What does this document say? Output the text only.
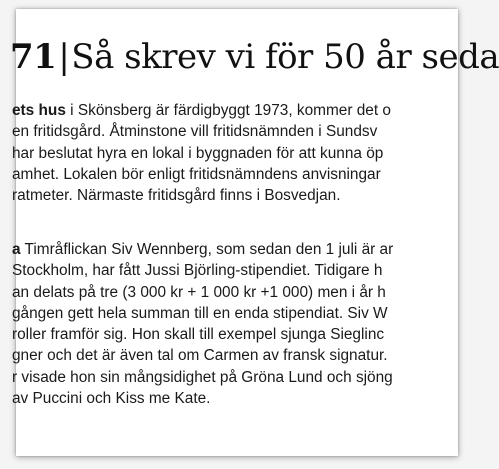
71|Så skrev vi för 50 år seda
ets hus i Skönsberg är färdigbyggt 1973, kommer det o
en fritidsgård. Åtminstone vill fritidsnämnden i Sundsv
har beslutat hyra en lokal i byggnaden för att kunna öp
amhet. Lokalen bör enligt fritidsnämndens anvisningar
ratmeter. Närmaste fritidsgård finns i Bosvedjan.
a Timråflickan Siv Wennberg, som sedan den 1 juli är ar
Stockholm, har fått Jussi Björling-stipendiet. Tidigare h
an delats på tre (3 000 kr + 1 000 kr +1 000) men i år h
gången gett hela summan till en enda stipendiat. Siv W
roller framför sig. Hon skall till exempel sjunga Sieglinc
gner och det är även tal om Carmen av fransk signatur.
r visade hon sin mångsidighet på Gröna Lund och sjöng
av Puccini och Kiss me Kate.
